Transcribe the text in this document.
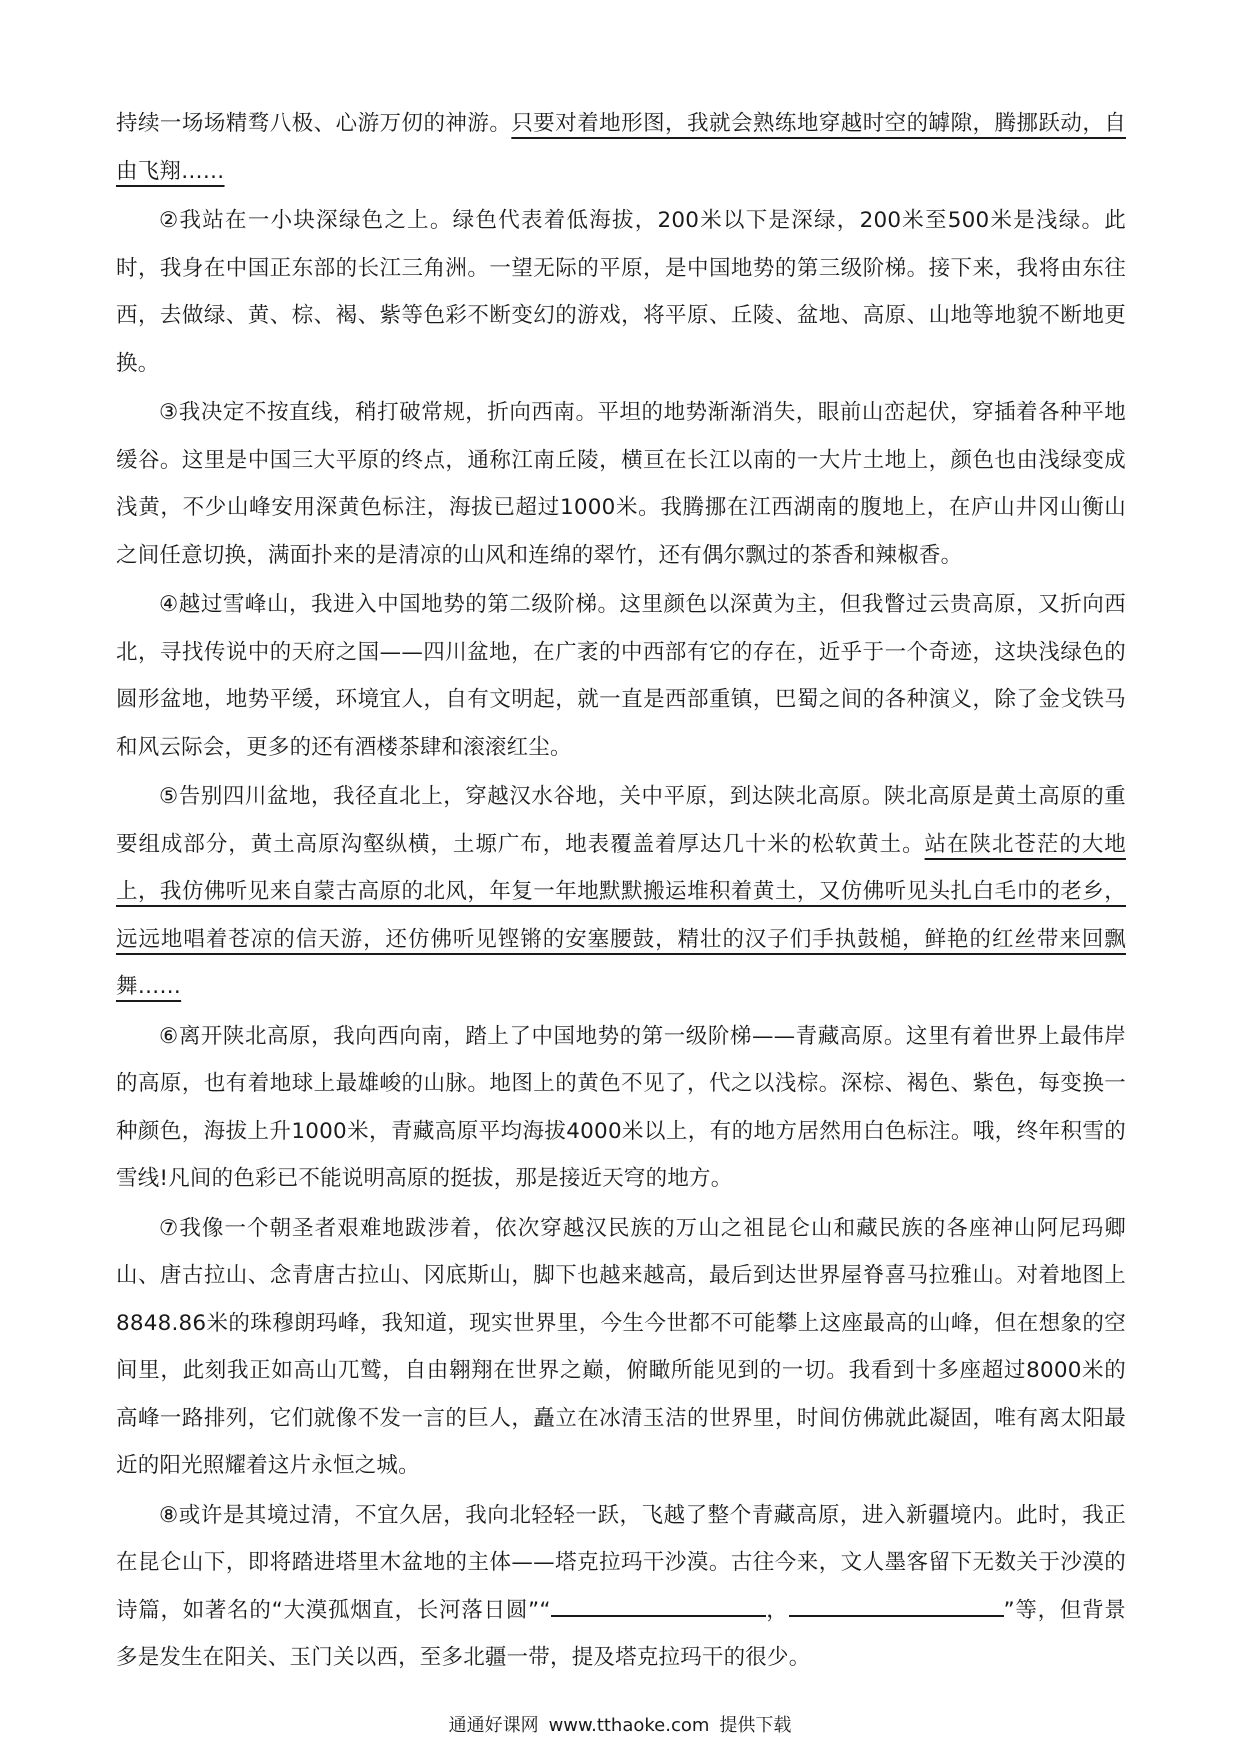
持续一场场精骛八极、心游万仞的神游。只要对着地形图，我就会熟练地穿越时空的罅隙，腾挪跃动，自由飞翔……

②我站在一小块深绿色之上。绿色代表着低海拔，200米以下是深绿，200米至500米是浅绿。此时，我身在中国正东部的长江三角洲。一望无际的平原，是中国地势的第三级阶梯。接下来，我将由东往西，去做绿、黄、棕、褐、紫等色彩不断变幻的游戏，将平原、丘陵、盆地、高原、山地等地貌不断地更换。

③我决定不按直线，稍打破常规，折向西南。平坦的地势渐渐消失，眼前山峦起伏，穿插着各种平地缓谷。这里是中国三大平原的终点，通称江南丘陵，横亘在长江以南的一大片土地上，颜色也由浅绿变成浅黄，不少山峰安用深黄色标注，海拔已超过1000米。我腾挪在江西湖南的腹地上，在庐山井冈山衡山之间任意切换，满面扑来的是清凉的山风和连绵的翠竹，还有偶尔飘过的茶香和辣椒香。

④越过雪峰山，我进入中国地势的第二级阶梯。这里颜色以深黄为主，但我瞥过云贵高原，又折向西北，寻找传说中的天府之国——四川盆地，在广袤的中西部有它的存在，近乎于一个奇迹，这块浅绿色的圆形盆地，地势平缓，环境宜人，自有文明起，就一直是西部重镇，巴蜀之间的各种演义，除了金戈铁马和风云际会，更多的还有酒楼茶肆和滚滚红尘。

⑤告别四川盆地，我径直北上，穿越汉水谷地，关中平原，到达陕北高原。陕北高原是黄土高原的重要组成部分，黄土高原沟壑纵横，土塬广布，地表覆盖着厚达几十米的松软黄土。站在陕北苍茫的大地上，我仿佛听见来自蒙古高原的北风，年复一年地默默搬运堆积着黄土，又仿佛听见头扎白毛巾的老乡，远远地唱着苍凉的信天游，还仿佛听见铿锵的安塞腰鼓，精壮的汉子们手执鼓槌，鲜艳的红丝带来回飘舞……

⑥离开陕北高原，我向西向南，踏上了中国地势的第一级阶梯——青藏高原。这里有着世界上最伟岸的高原，也有着地球上最雄峻的山脉。地图上的黄色不见了，代之以浅棕。深棕、褐色、紫色，每变换一种颜色，海拔上升1000米，青藏高原平均海拔4000米以上，有的地方居然用白色标注。哦，终年积雪的雪线!凡间的色彩已不能说明高原的挺拔，那是接近天穹的地方。

⑦我像一个朝圣者艰难地跋涉着，依次穿越汉民族的万山之祖昆仑山和藏民族的各座神山阿尼玛卿山、唐古拉山、念青唐古拉山、冈底斯山，脚下也越来越高，最后到达世界屋脊喜马拉雅山。对着地图上8848.86米的珠穆朗玛峰，我知道，现实世界里，今生今世都不可能攀上这座最高的山峰，但在想象的空间里，此刻我正如高山兀鹫，自由翱翔在世界之巅，俯瞰所能见到的一切。我看到十多座超过8000米的高峰一路排列，它们就像不发一言的巨人，矗立在冰清玉洁的世界里，时间仿佛就此凝固，唯有离太阳最近的阳光照耀着这片永恒之城。

⑧或许是其境过清，不宜久居，我向北轻轻一跃，飞越了整个青藏高原，进入新疆境内。此时，我正在昆仑山下，即将踏进塔里木盆地的主体——塔克拉玛干沙漠。古往今来，文人墨客留下无数关于沙漠的诗篇，如著名的“大漠孤烟直，长河落日圆”“	，	”等，但背景多是发生在阳关、玉门关以西，至多北疆一带，提及塔克拉玛干的很少。

通通好课网 www.tthaoke.com 提供下载
